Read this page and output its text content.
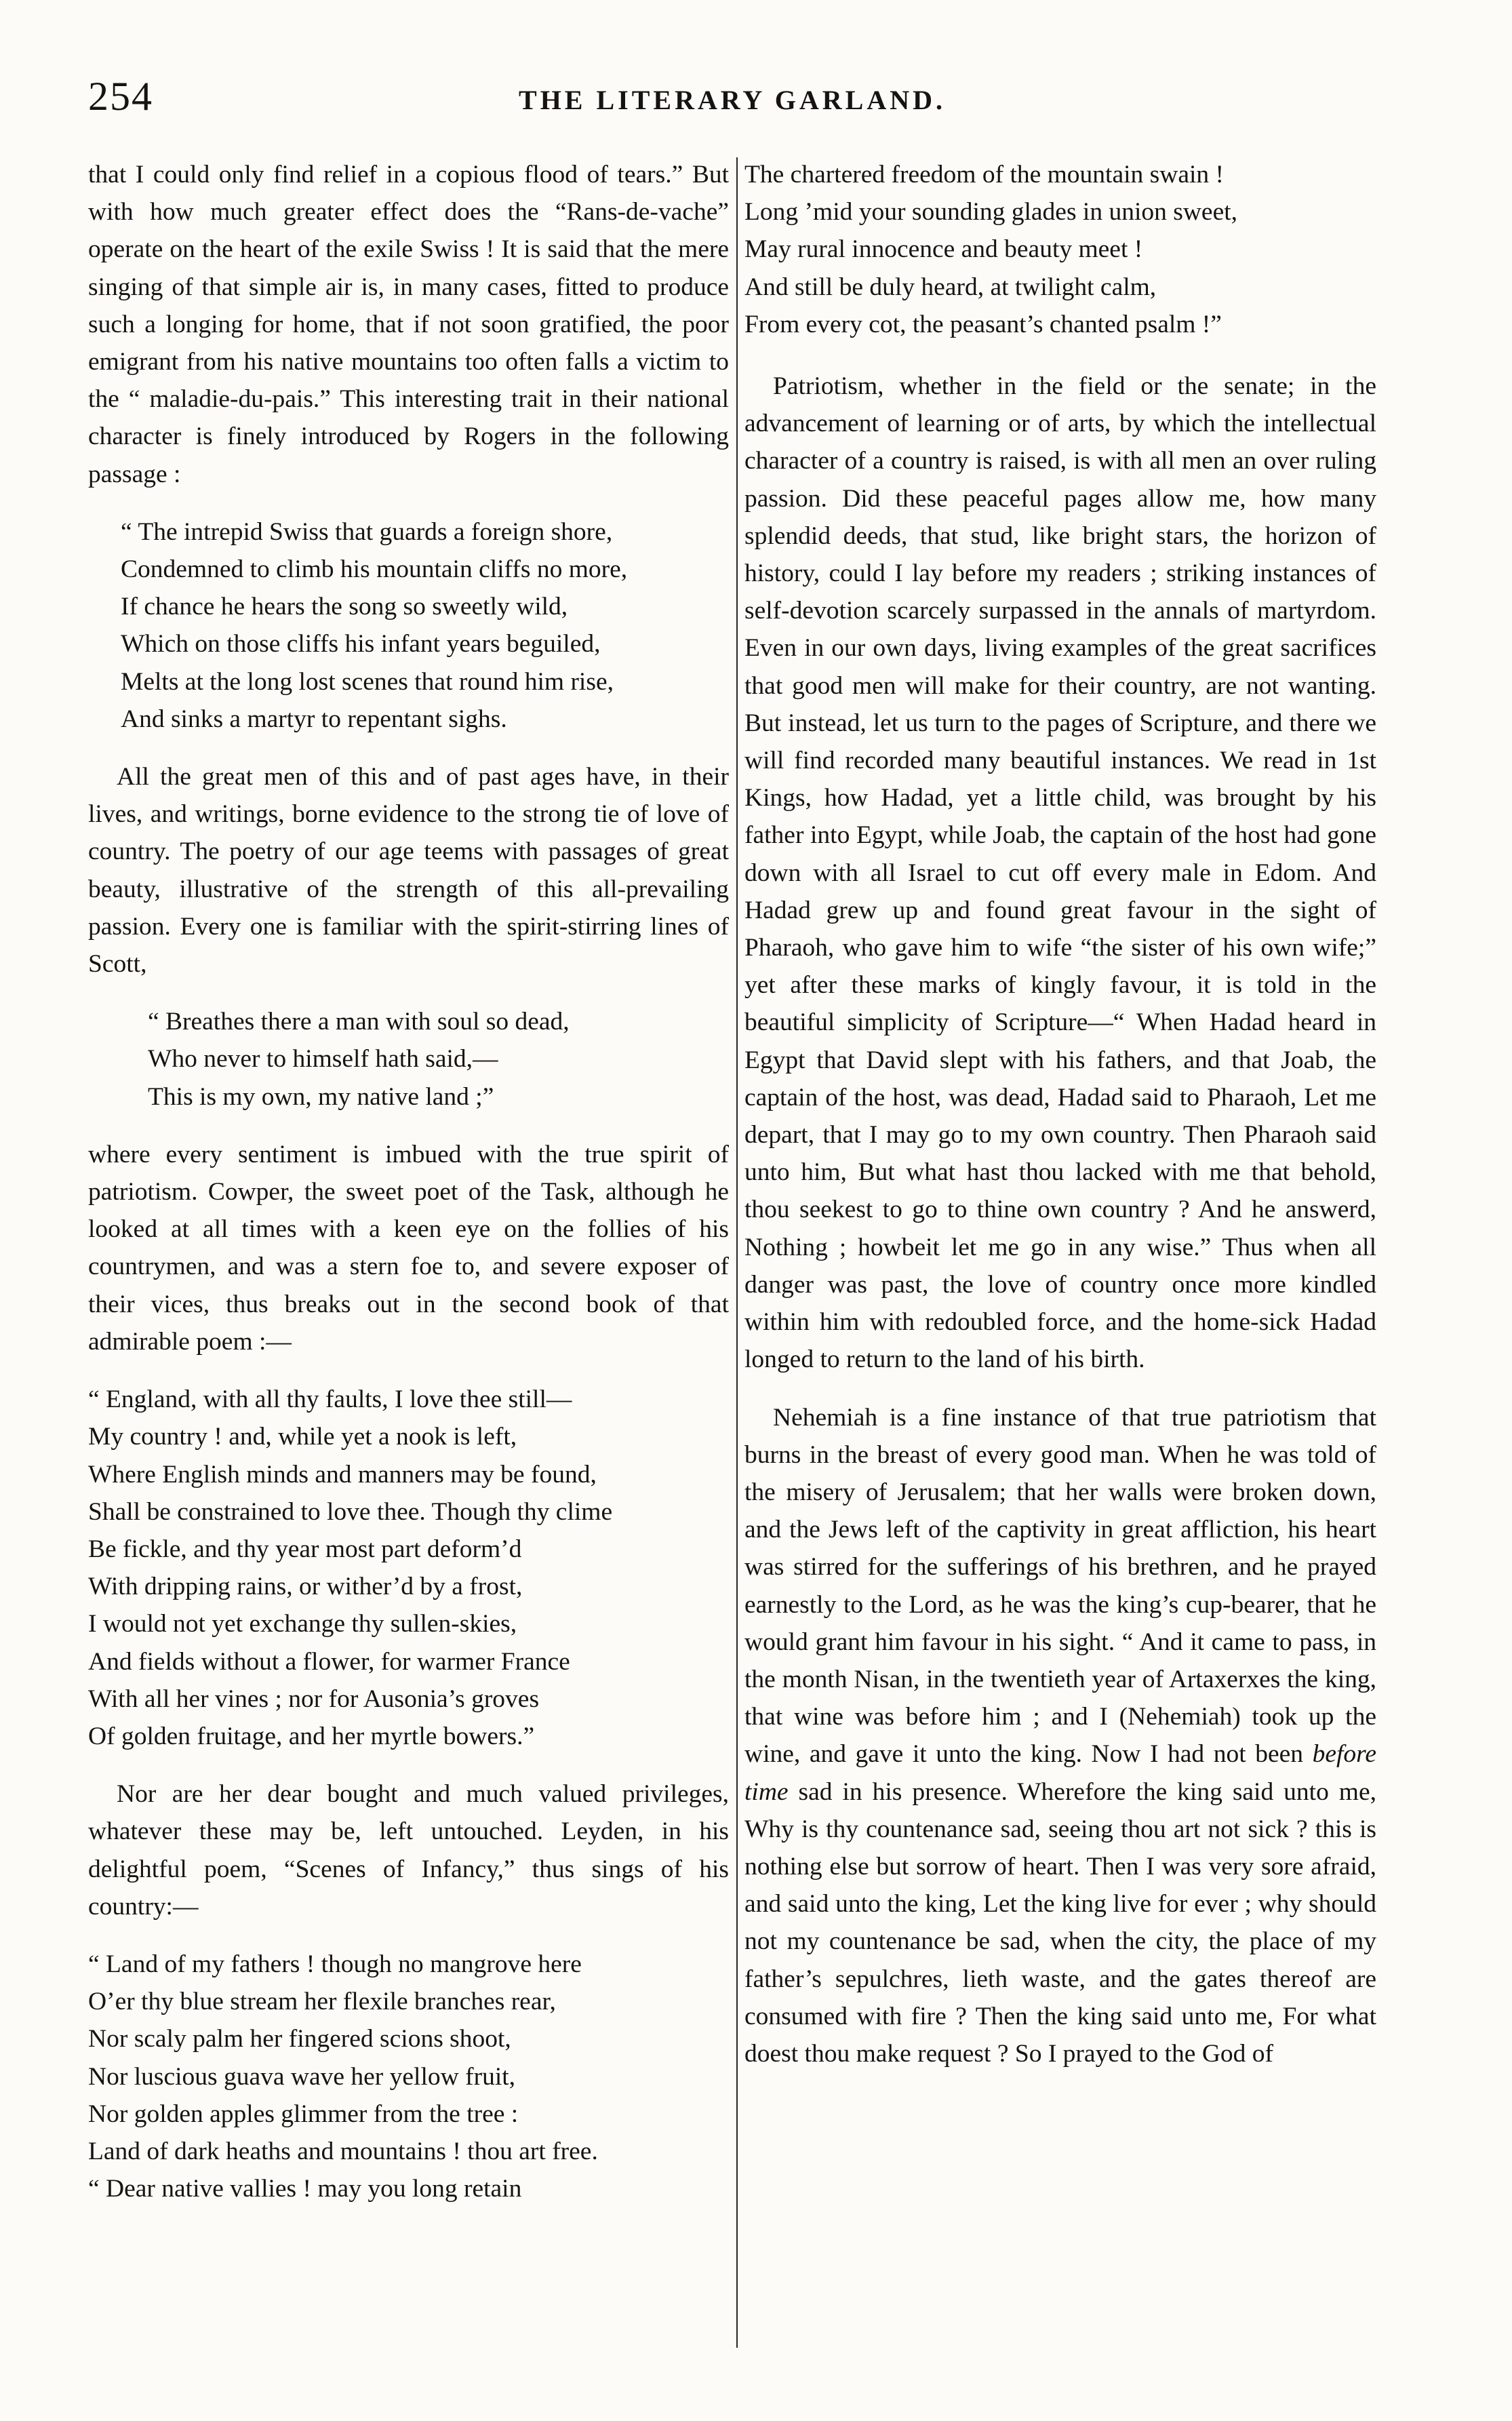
254	THE LITERARY GARLAND.

that I could only find relief in a copious flood of tears.” But with how much greater effect does the “Rans-de-vache” operate on the heart of the exile Swiss ! It is said that the mere singing of that simple air is, in many cases, fitted to produce such a longing for home, that if not soon gratified, the poor emigrant from his native mountains too often falls a victim to the “ maladie-du-pais.” This interesting trait in their national character is finely introduced by Rogers in the following passage :

“ The intrepid Swiss that guards a foreign shore,
Condemned to climb his mountain cliffs no more,
If chance he hears the song so sweetly wild,
Which on those cliffs his infant years beguiled,
Melts at the long lost scenes that round him rise,
And sinks a martyr to repentant sighs.

All the great men of this and of past ages have, in their lives, and writings, borne evidence to the strong tie of love of country. The poetry of our age teems with passages of great beauty, illustrative of the strength of this all-prevailing passion. Every one is familiar with the spirit-stirring lines of Scott,

“ Breathes there a man with soul so dead,
Who never to himself hath said,—
This is my own, my native land ;”

where every sentiment is imbued with the true spirit of patriotism. Cowper, the sweet poet of the Task, although he looked at all times with a keen eye on the follies of his countrymen, and was a stern foe to, and severe exposer of their vices, thus breaks out in the second book of that admirable poem :—

“ England, with all thy faults, I love thee still—
My country ! and, while yet a nook is left,
Where English minds and manners may be found,
Shall be constrained to love thee. Though thy clime
Be fickle, and thy year most part deform’d
With dripping rains, or wither’d by a frost,
I would not yet exchange thy sullen-skies,
And fields without a flower, for warmer France
With all her vines ; nor for Ausonia’s groves
Of golden fruitage, and her myrtle bowers.”

Nor are her dear bought and much valued privileges, whatever these may be, left untouched. Leyden, in his delightful poem, “Scenes of Infancy,” thus sings of his country:—

“ Land of my fathers ! though no mangrove here
O’er thy blue stream her flexile branches rear,
Nor scaly palm her fingered scions shoot,
Nor luscious guava wave her yellow fruit,
Nor golden apples glimmer from the tree :
Land of dark heaths and mountains ! thou art free.
“ Dear native vallies ! may you long retain
The chartered freedom of the mountain swain !
Long ’mid your sounding glades in union sweet,
May rural innocence and beauty meet !
And still be duly heard, at twilight calm,
From every cot, the peasant’s chanted psalm !”

Patriotism, whether in the field or the senate; in the advancement of learning or of arts, by which the intellectual character of a country is raised, is with all men an over ruling passion. Did these peaceful pages allow me, how many splendid deeds, that stud, like bright stars, the horizon of history, could I lay before my readers ; striking instances of self-devotion scarcely surpassed in the annals of martyrdom. Even in our own days, living examples of the great sacrifices that good men will make for their country, are not wanting. But instead, let us turn to the pages of Scripture, and there we will find recorded many beautiful instances. We read in 1st Kings, how Hadad, yet a little child, was brought by his father into Egypt, while Joab, the captain of the host had gone down with all Israel to cut off every male in Edom. And Hadad grew up and found great favour in the sight of Pharaoh, who gave him to wife “the sister of his own wife;” yet after these marks of kingly favour, it is told in the beautiful simplicity of Scripture—“ When Hadad heard in Egypt that David slept with his fathers, and that Joab, the captain of the host, was dead, Hadad said to Pharaoh, Let me depart, that I may go to my own country. Then Pharaoh said unto him, But what hast thou lacked with me that behold, thou seekest to go to thine own country ? And he answerd, Nothing ; howbeit let me go in any wise.” Thus when all danger was past, the love of country once more kindled within him with redoubled force, and the home-sick Hadad longed to return to the land of his birth.

Nehemiah is a fine instance of that true patriotism that burns in the breast of every good man. When he was told of the misery of Jerusalem; that her walls were broken down, and the Jews left of the captivity in great affliction, his heart was stirred for the sufferings of his brethren, and he prayed earnestly to the Lord, as he was the king’s cup-bearer, that he would grant him favour in his sight. “ And it came to pass, in the month Nisan, in the twentieth year of Artaxerxes the king, that wine was before him ; and I (Nehemiah) took up the wine, and gave it unto the king. Now I had not been before time sad in his presence. Wherefore the king said unto me, Why is thy countenance sad, seeing thou art not sick ? this is nothing else but sorrow of heart. Then I was very sore afraid, and said unto the king, Let the king live for ever ; why should not my countenance be sad, when the city, the place of my father’s sepulchres, lieth waste, and the gates thereof are consumed with fire ? Then the king said unto me, For what doest thou make request ? So I prayed to the God of
